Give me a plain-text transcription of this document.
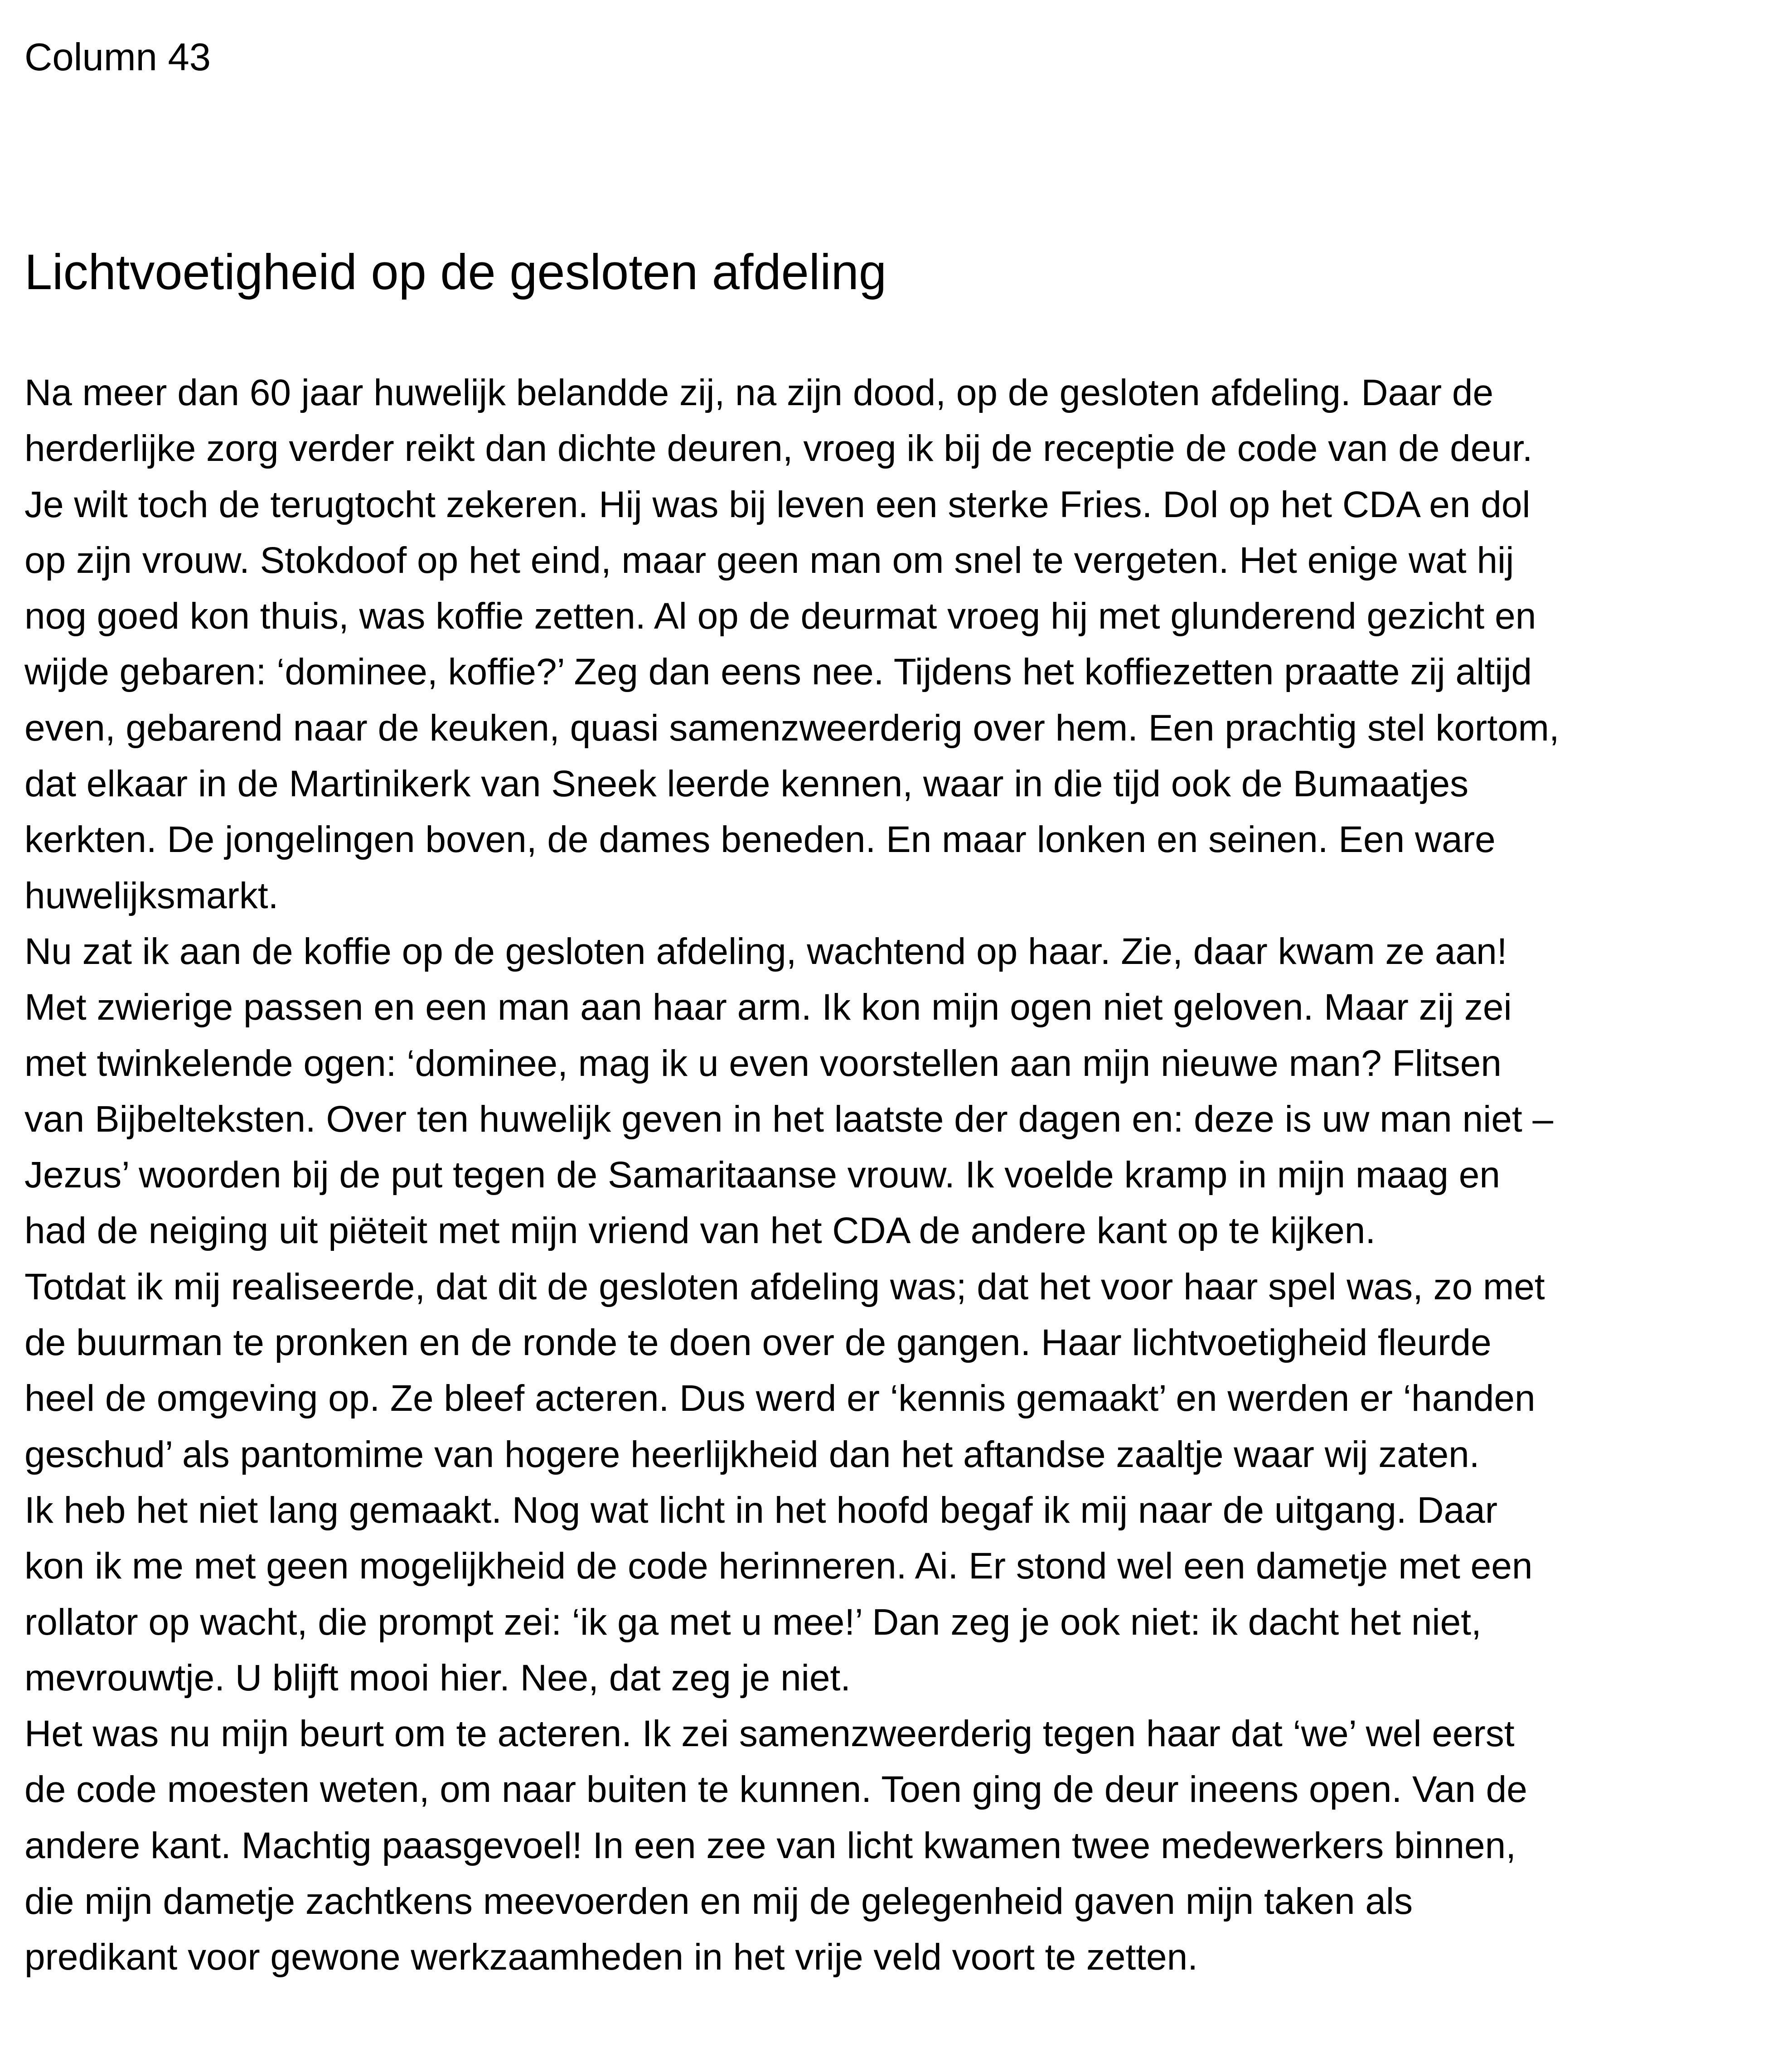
Column 43

Lichtvoetigheid op de gesloten afdeling
Na meer dan 60 jaar huwelijk belandde zij, na zijn dood, op de gesloten afdeling. Daar de
herderlijke zorg verder reikt dan dichte deuren, vroeg ik bij de receptie de code van de deur.
Je wilt toch de terugtocht zekeren. Hij was bij leven een sterke Fries. Dol op het CDA en dol
op zijn vrouw. Stokdoof op het eind, maar geen man om snel te vergeten. Het enige wat hij
nog goed kon thuis, was koffie zetten. Al op de deurmat vroeg hij met glunderend gezicht en
wijde gebaren: ‘dominee, koffie?’ Zeg dan eens nee. Tijdens het koffiezetten praatte zij altijd
even, gebarend naar de keuken, quasi samenzweerderig over hem. Een prachtig stel kortom,
dat elkaar in de Martinikerk van Sneek leerde kennen, waar in die tijd ook de Bumaatjes
kerkten. De jongelingen boven, de dames beneden. En maar lonken en seinen. Een ware
huwelijksmarkt.
Nu zat ik aan de koffie op de gesloten afdeling, wachtend op haar. Zie, daar kwam ze aan!
Met zwierige passen en een man aan haar arm. Ik kon mijn ogen niet geloven. Maar zij zei
met twinkelende ogen: ‘dominee, mag ik u even voorstellen aan mijn nieuwe man? Flitsen
van Bijbelteksten. Over ten huwelijk geven in het laatste der dagen en: deze is uw man niet –
Jezus’ woorden bij de put tegen de Samaritaanse vrouw. Ik voelde kramp in mijn maag en
had de neiging uit piëteit met mijn vriend van het CDA de andere kant op te kijken.
Totdat ik mij realiseerde, dat dit de gesloten afdeling was; dat het voor haar spel was, zo met
de buurman te pronken en de ronde te doen over de gangen. Haar lichtvoetigheid fleurde
heel de omgeving op. Ze bleef acteren. Dus werd er ‘kennis gemaakt’ en werden er ‘handen
geschud’ als pantomime van hogere heerlijkheid dan het aftandse zaaltje waar wij zaten.
Ik heb het niet lang gemaakt. Nog wat licht in het hoofd begaf ik mij naar de uitgang. Daar
kon ik me met geen mogelijkheid de code herinneren. Ai. Er stond wel een dametje met een
rollator op wacht, die prompt zei: ‘ik ga met u mee!’ Dan zeg je ook niet: ik dacht het niet,
mevrouwtje. U blijft mooi hier. Nee, dat zeg je niet.
Het was nu mijn beurt om te acteren. Ik zei samenzweerderig tegen haar dat ‘we’ wel eerst
de code moesten weten, om naar buiten te kunnen. Toen ging de deur ineens open. Van de
andere kant. Machtig paasgevoel! In een zee van licht kwamen twee medewerkers binnen,
die mijn dametje zachtkens meevoerden en mij de gelegenheid gaven mijn taken als
predikant voor gewone werkzaamheden in het vrije veld voort te zetten.
